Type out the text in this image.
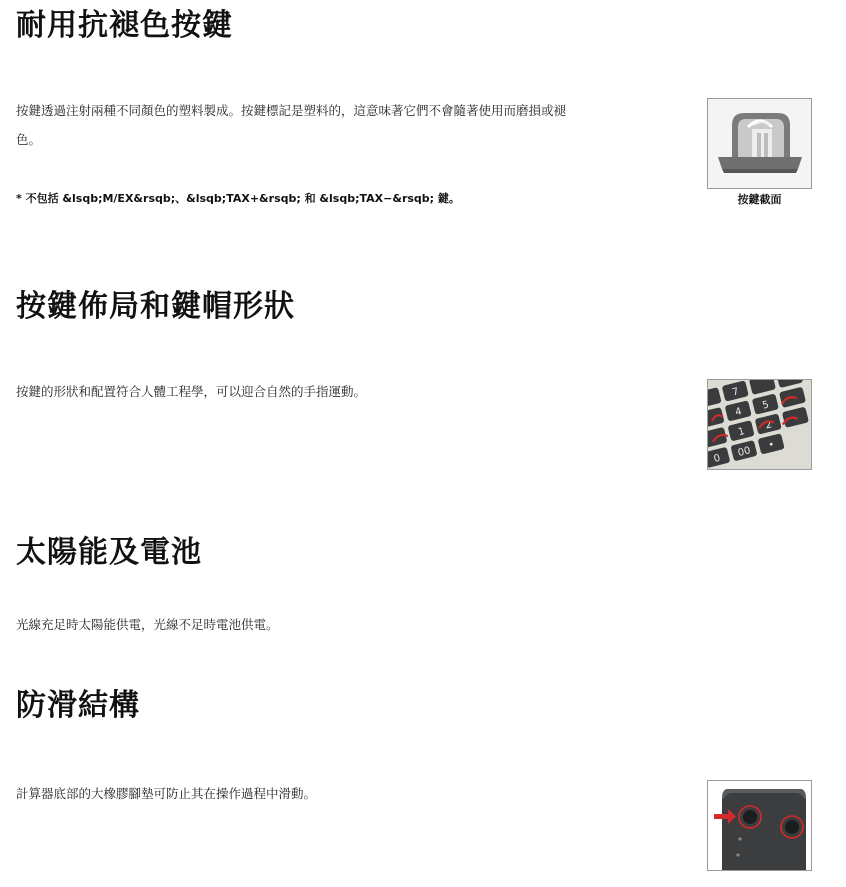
耐用抗褪色按鍵

按鍵透過注射兩種不同顏色的塑料製成。按鍵標記是塑料的，這意味著它們不會隨著使用而磨損或褪色。

* 不包括 &lsqb;M/EX&rsqb;、&lsqb;TAX+&rsqb; 和 &lsqb;TAX−&rsqb; 鍵。	按鍵截面
按鍵佈局和鍵帽形狀

按鍵的形狀和配置符合人體工程學，可以迎合自然的手指運動。	7
4
5
1
2
0 00 •
太陽能及電池

光線充足時太陽能供電，光線不足時電池供電。

防滑結構

計算器底部的大橡膠腳墊可防止其在操作過程中滑動。
